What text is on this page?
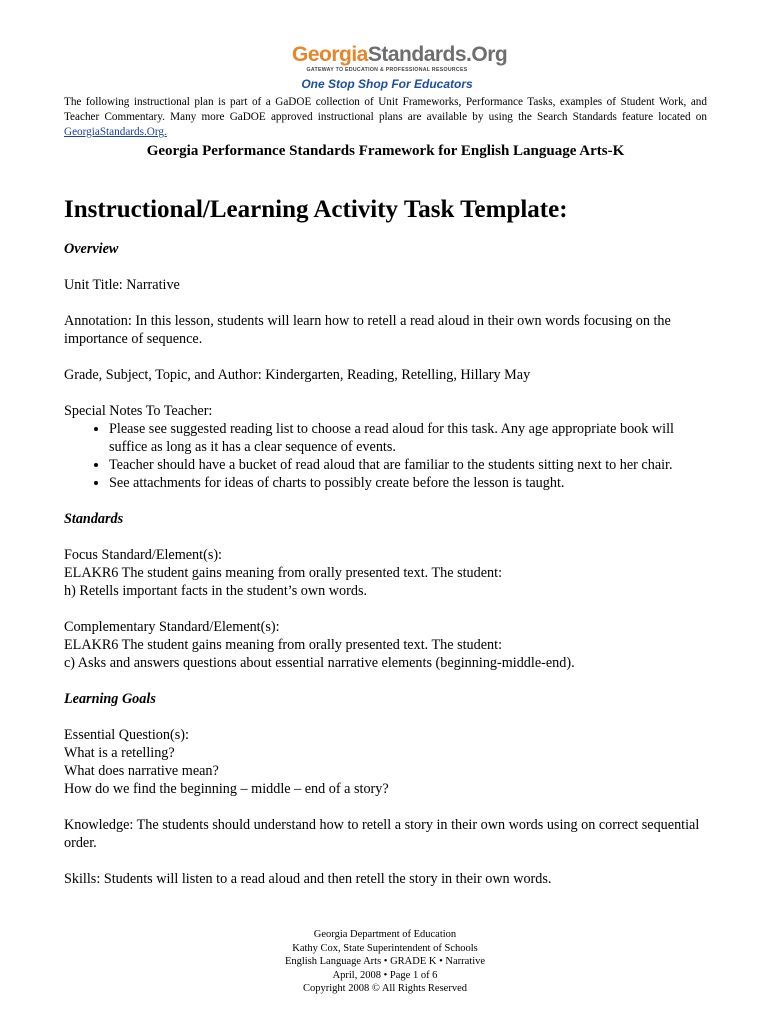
GeorgiaStandards.Org
GATEWAY TO EDUCATION & PROFESSIONAL RESOURCES
One Stop Shop For Educators
The following instructional plan is part of a GaDOE collection of Unit Frameworks, Performance Tasks, examples of Student Work, and Teacher Commentary. Many more GaDOE approved instructional plans are available by using the Search Standards feature located on GeorgiaStandards.Org.
Georgia Performance Standards Framework for English Language Arts-K
Instructional/Learning Activity Task Template:

Overview

Unit Title: Narrative

Annotation: In this lesson, students will learn how to retell a read aloud in their own words focusing on the importance of sequence.

Grade, Subject, Topic, and Author: Kindergarten, Reading, Retelling, Hillary May

Special Notes To Teacher:
• Please see suggested reading list to choose a read aloud for this task. Any age appropriate book will suffice as long as it has a clear sequence of events.
• Teacher should have a bucket of read aloud that are familiar to the students sitting next to her chair.
• See attachments for ideas of charts to possibly create before the lesson is taught.

Standards

Focus Standard/Element(s):
ELAKR6 The student gains meaning from orally presented text. The student:
h) Retells important facts in the student’s own words.

Complementary Standard/Element(s):
ELAKR6 The student gains meaning from orally presented text. The student:
c) Asks and answers questions about essential narrative elements (beginning-middle-end).

Learning Goals

Essential Question(s):
What is a retelling?
What does narrative mean?
How do we find the beginning – middle – end of a story?

Knowledge: The students should understand how to retell a story in their own words using on correct sequential order.

Skills: Students will listen to a read aloud and then retell the story in their own words.

Georgia Department of Education
Kathy Cox, State Superintendent of Schools
English Language Arts • GRADE K • Narrative
April, 2008 • Page 1 of 6
Copyright 2008 © All Rights Reserved
